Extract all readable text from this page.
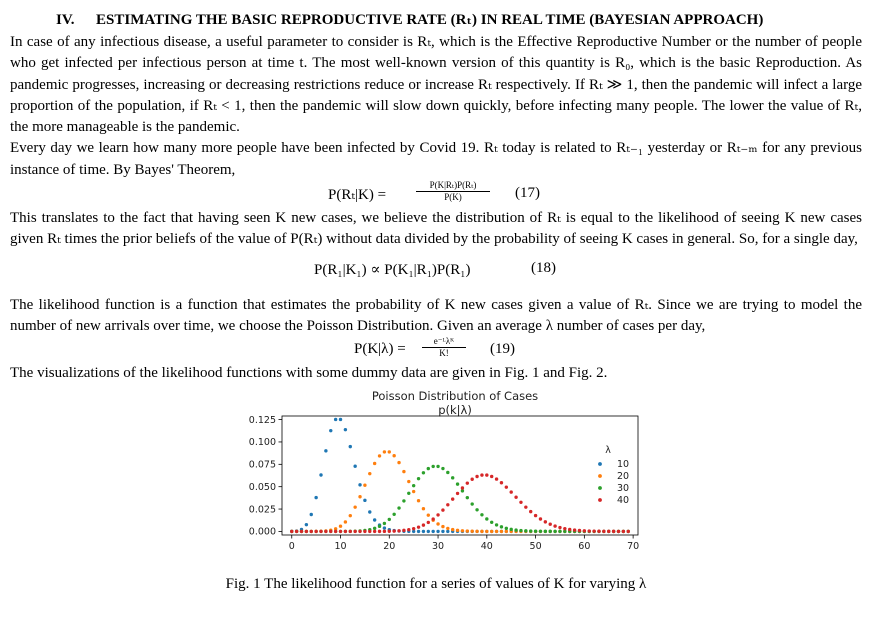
IV. ESTIMATING THE BASIC REPRODUCTIVE RATE (Rₜ) IN REAL TIME (BAYESIAN APPROACH)

In case of any infectious disease, a useful parameter to consider is Rₜ, which is the Effective Reproductive Number or the number of people who get infected per infectious person at time t. The most well-known version of this quantity is R₀, which is the basic Reproduction. As pandemic progresses, increasing or decreasing restrictions reduce or increase Rₜ respectively. If Rₜ ≫ 1, then the pandemic will infect a large proportion of the population, if Rₜ < 1, then the pandemic will slow down quickly, before infecting many people. The lower the value of Rₜ, the more manageable is the pandemic.

Every day we learn how many more people have been infected by Covid 19. Rₜ today is related to Rₜ₋₁ yesterday or Rₜ₋ₘ for any previous instance of time. By Bayes' Theorem,

P(Rₜ|K) =
P(K|Rₜ)P(Rₜ)
P(K)	(17)

This translates to the fact that having seen K new cases, we believe the distribution of Rₜ is equal to the likelihood of seeing K new cases given Rₜ times the prior beliefs of the value of P(Rₜ) without data divided by the probability of seeing K cases in general. So, for a single day,

P(R₁|K₁) ∝ P(K₁|R₁)P(R₁)	(18)

The likelihood function is a function that estimates the probability of K new cases given a value of Rₜ. Since we are trying to model the number of new arrivals over time, we choose the Poisson Distribution. Given an average λ number of cases per day,

P(K|λ) =	e⁻ᴸλᴷ
K!	(19)

The visualizations of the likelihood functions with some dummy data are given in Fig. 1 and Fig. 2.

Poisson Distribution of Cases
p(k|λ)
0	10	20	30	40	50	60	70
0.000
0.025
0.050
0.075
0.100
0.125
λ
10
20
30
40
Fig. 1 The likelihood function for a series of values of K for varying λ
